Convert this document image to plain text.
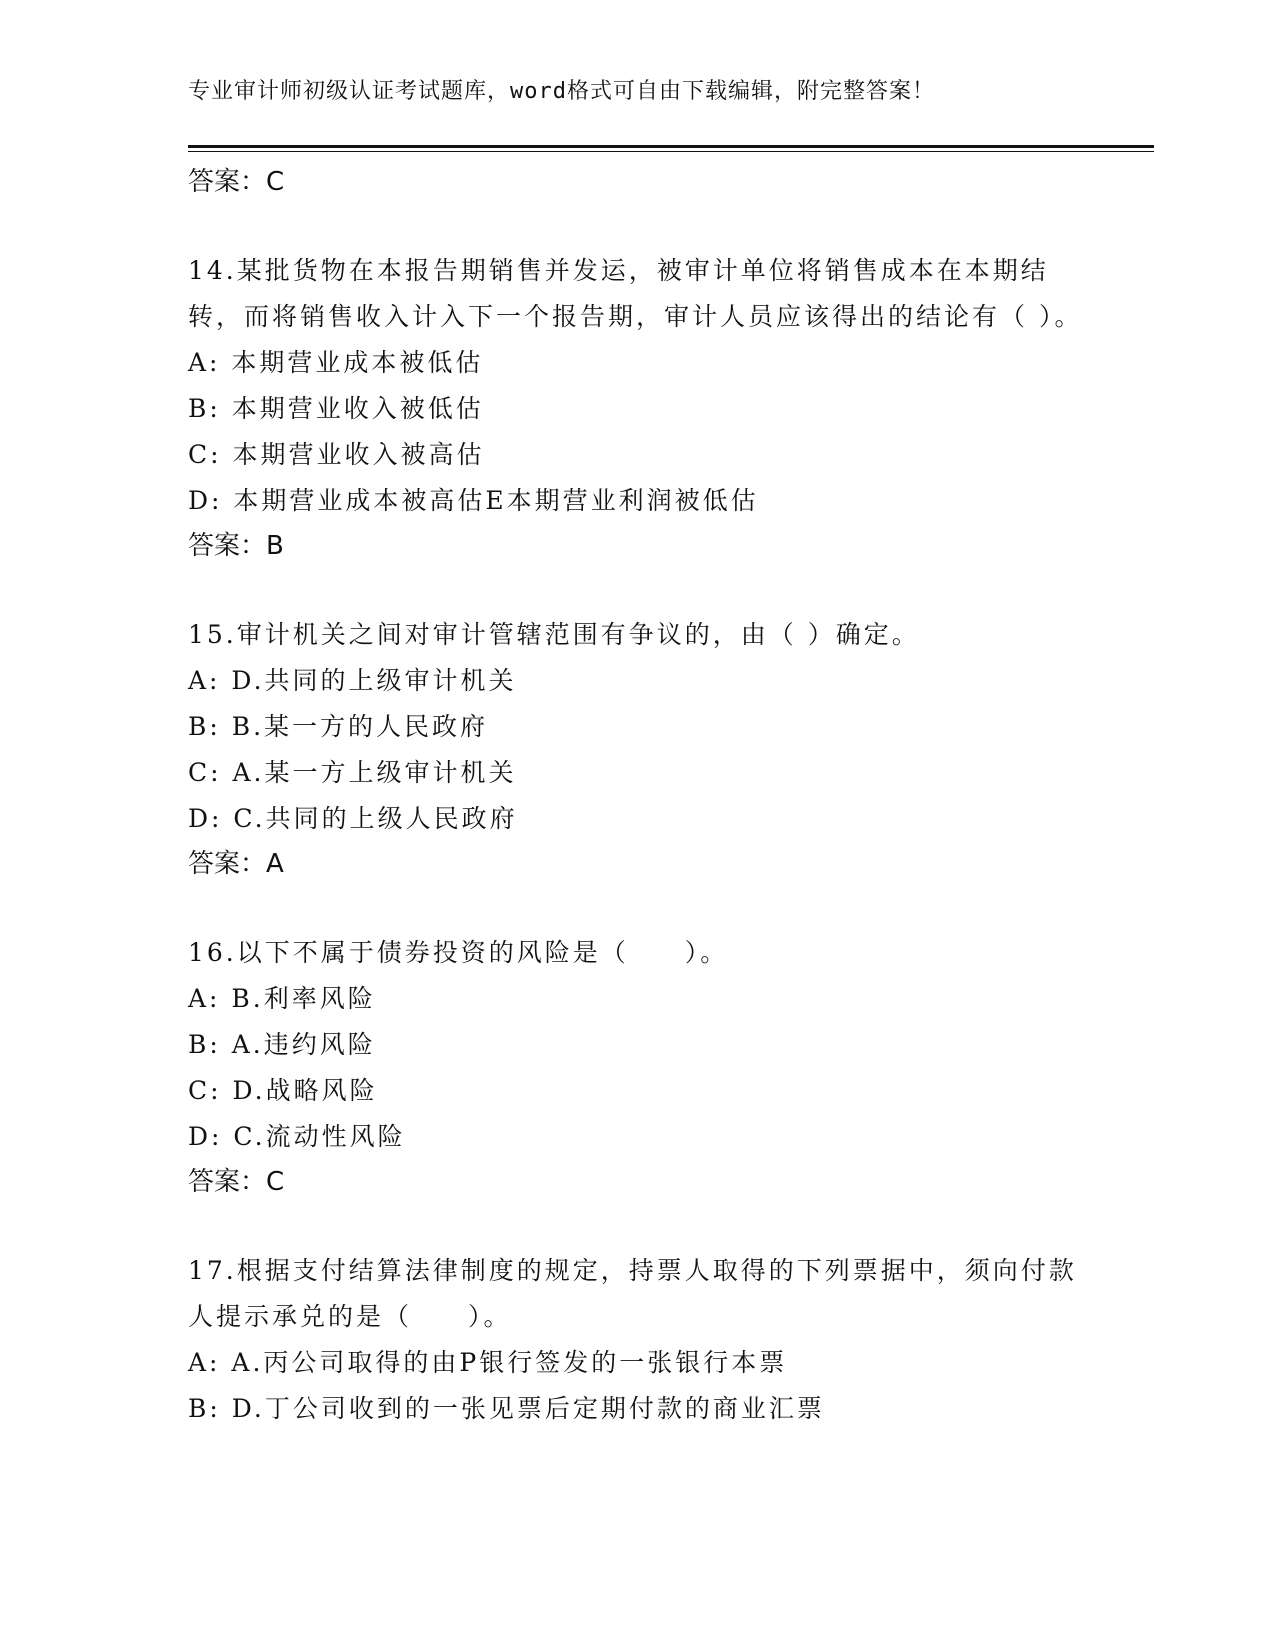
专业审计师初级认证考试题库，word格式可自由下载编辑，附完整答案！
答案：C
14.某批货物在本报告期销售并发运，被审计单位将销售成本在本期结转，而将销售收入计入下一个报告期，审计人员应该得出的结论有（ ）。
A: 本期营业成本被低估
B: 本期营业收入被低估
C: 本期营业收入被高估
D: 本期营业成本被高估E本期营业利润被低估
答案：B
15.审计机关之间对审计管辖范围有争议的，由（ ）确定。
A: D.共同的上级审计机关
B: B.某一方的人民政府
C: A.某一方上级审计机关
D: C.共同的上级人民政府
答案：A
16.以下不属于债券投资的风险是（　　）。
A: B.利率风险
B: A.违约风险
C: D.战略风险
D: C.流动性风险
答案：C
17.根据支付结算法律制度的规定，持票人取得的下列票据中，须向付款人提示承兑的是（　　）。
A: A.丙公司取得的由P银行签发的一张银行本票
B: D.丁公司收到的一张见票后定期付款的商业汇票
